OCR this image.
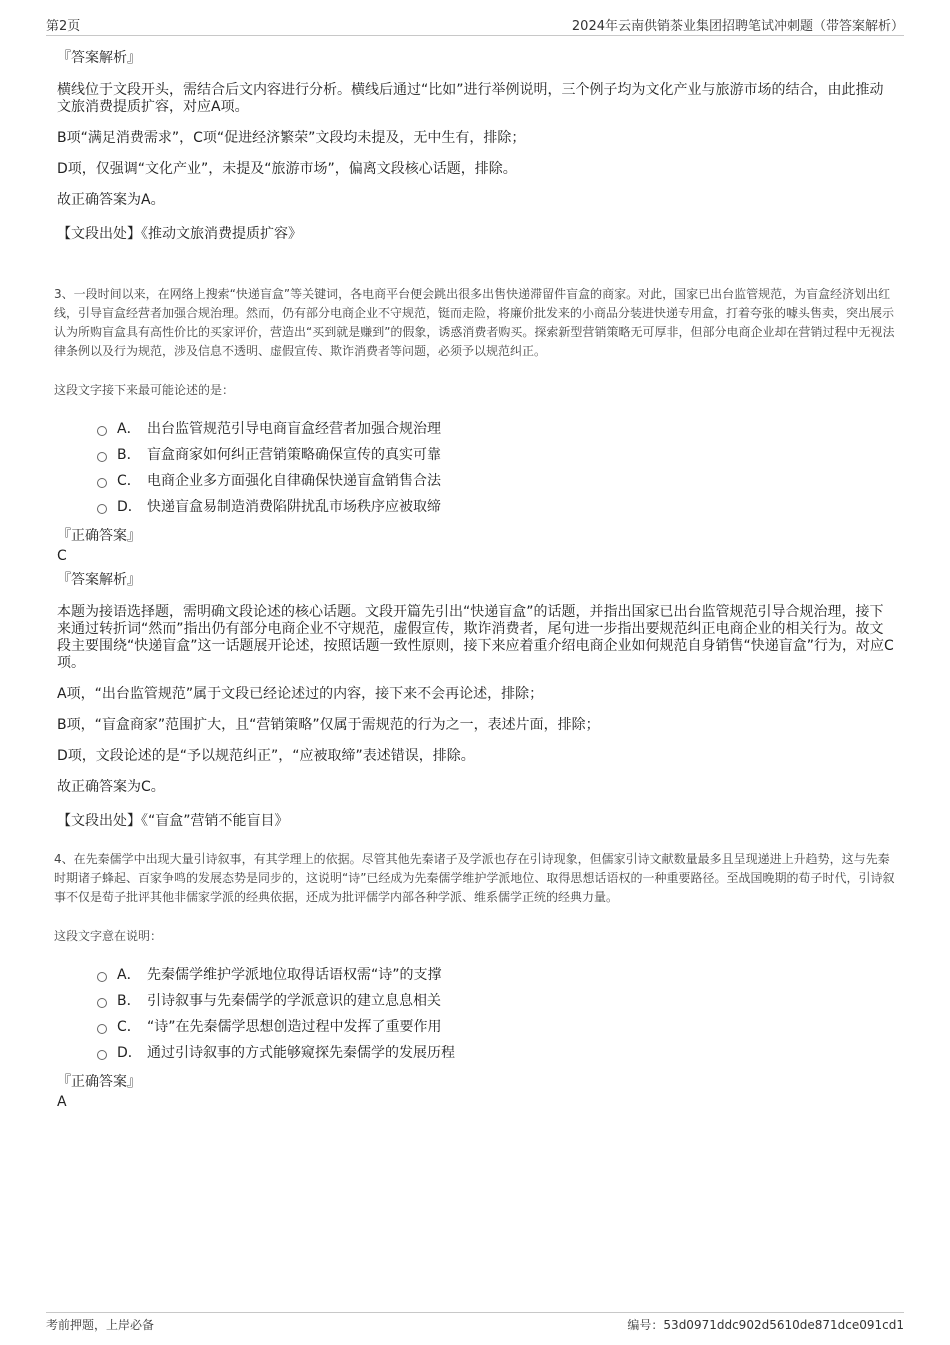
第2页	2024年云南供销茶业集团招聘笔试冲刺题（带答案解析）
『答案解析』

横线位于文段开头，需结合后文内容进行分析。横线后通过“比如”进行举例说明，三个例子均为文化产业与旅游市场的结合，由此推动文旅消费提质扩容，对应A项。

B项“满足消费需求”，C项“促进经济繁荣”文段均未提及，无中生有，排除；

D项，仅强调“文化产业”，未提及“旅游市场”，偏离文段核心话题，排除。

故正确答案为A。

【文段出处】《推动文旅消费提质扩容》

3、一段时间以来，在网络上搜索“快递盲盒”等关键词，各电商平台便会跳出很多出售快递滞留件盲盒的商家。对此，国家已出台监管规范，为盲盒经济划出红线，引导盲盒经营者加强合规治理。然而，仍有部分电商企业不守规范，铤而走险，将廉价批发来的小商品分装进快递专用盒，打着夸张的噱头售卖，突出展示认为所购盲盒具有高性价比的买家评价，营造出“买到就是赚到”的假象，诱惑消费者购买。探索新型营销策略无可厚非，但部分电商企业却在营销过程中无视法律条例以及行为规范，涉及信息不透明、虚假宣传、欺诈消费者等问题，必须予以规范纠正。

这段文字接下来最可能论述的是：
A． 出台监管规范引导电商盲盒经营者加强合规治理
B． 盲盒商家如何纠正营销策略确保宣传的真实可靠
C． 电商企业多方面强化自律确保快递盲盒销售合法
D． 快递盲盒易制造消费陷阱扰乱市场秩序应被取缔
『正确答案』
C
『答案解析』

本题为接语选择题，需明确文段论述的核心话题。文段开篇先引出“快递盲盒”的话题，并指出国家已出台监管规范引导合规治理，接下来通过转折词“然而”指出仍有部分电商企业不守规范，虚假宣传，欺诈消费者，尾句进一步指出要规范纠正电商企业的相关行为。故文段主要围绕“快递盲盒”这一话题展开论述，按照话题一致性原则，接下来应着重介绍电商企业如何规范自身销售“快递盲盒”行为，对应C项。

A项，“出台监管规范”属于文段已经论述过的内容，接下来不会再论述，排除；

B项，“盲盒商家”范围扩大，且“营销策略”仅属于需规范的行为之一，表述片面，排除；

D项，文段论述的是“予以规范纠正”，“应被取缔”表述错误，排除。

故正确答案为C。

【文段出处】《“盲盒”营销不能盲目》

4、在先秦儒学中出现大量引诗叙事，有其学理上的依据。尽管其他先秦诸子及学派也存在引诗现象，但儒家引诗文献数量最多且呈现递进上升趋势，这与先秦时期诸子蜂起、百家争鸣的发展态势是同步的，这说明“诗”已经成为先秦儒学维护学派地位、取得思想话语权的一种重要路径。至战国晚期的荀子时代，引诗叙事不仅是荀子批评其他非儒家学派的经典依据，还成为批评儒学内部各种学派、维系儒学正统的经典力量。

这段文字意在说明：
A． 先秦儒学维护学派地位取得话语权需“诗”的支撑
B． 引诗叙事与先秦儒学的学派意识的建立息息相关
C． “诗”在先秦儒学思想创造过程中发挥了重要作用
D． 通过引诗叙事的方式能够窥探先秦儒学的发展历程
『正确答案』
A
考前押题，上岸必备	编号：53d0971ddc902d5610de871dce091cd1
